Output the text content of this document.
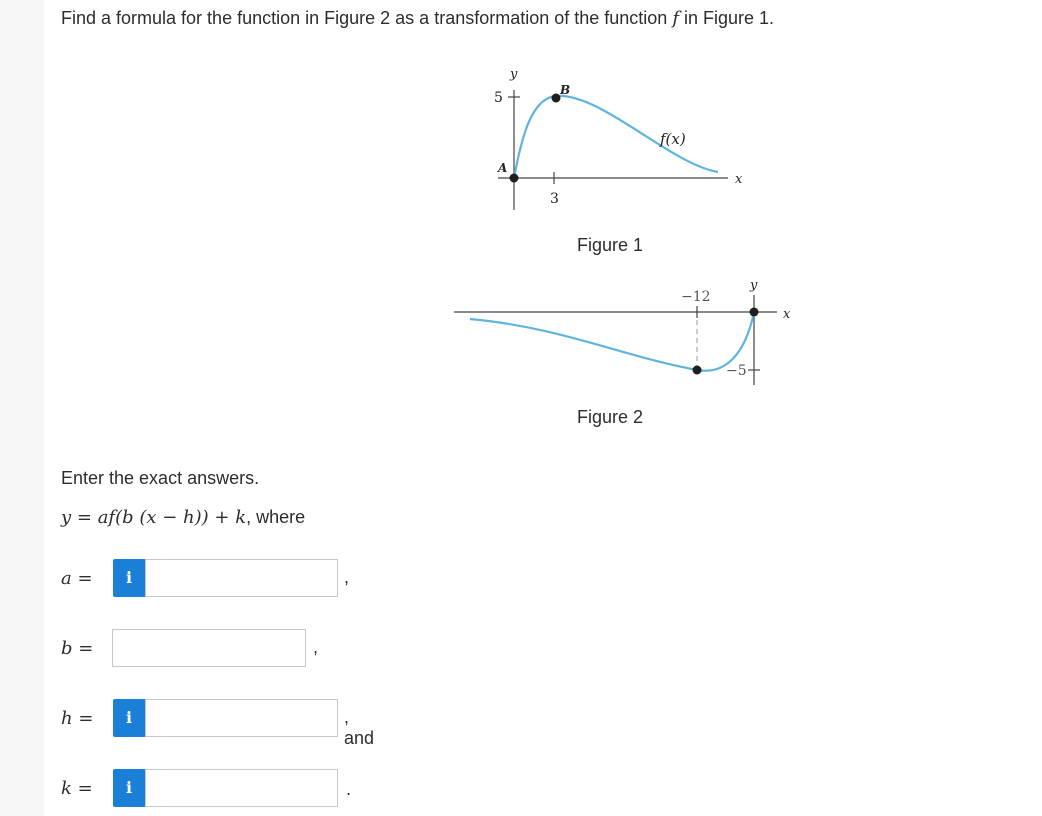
Find a formula for the function in Figure 2 as a transformation of the function f in Figure 1.
y
x
5
3
A
B
f(x)
Figure 1
y
x
−12
−5
Figure 2
Enter the exact answers.
y = af(b (x − h)) + k, where
a =	i	,
b =	,
h =	i	, and
k =	i	.
